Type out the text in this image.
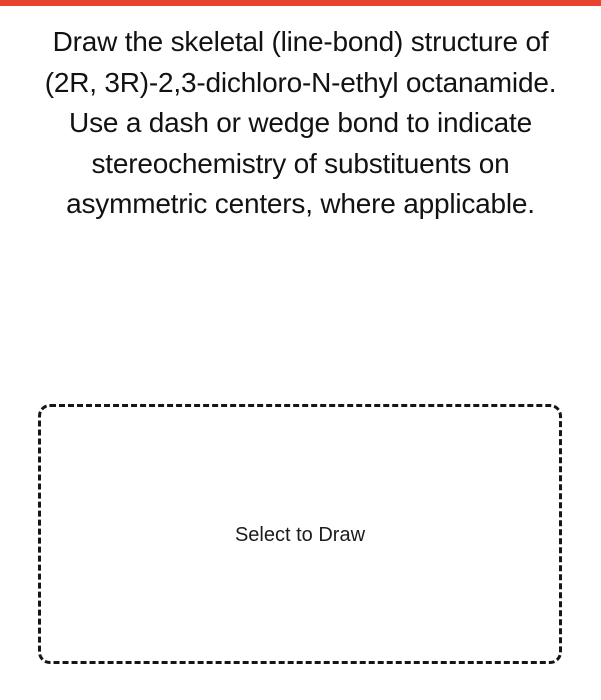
Draw the skeletal (line-bond) structure of (2R, 3R)-2,3-dichloro-N-ethyl octanamide. Use a dash or wedge bond to indicate stereochemistry of substituents on asymmetric centers, where applicable.
Select to Draw
